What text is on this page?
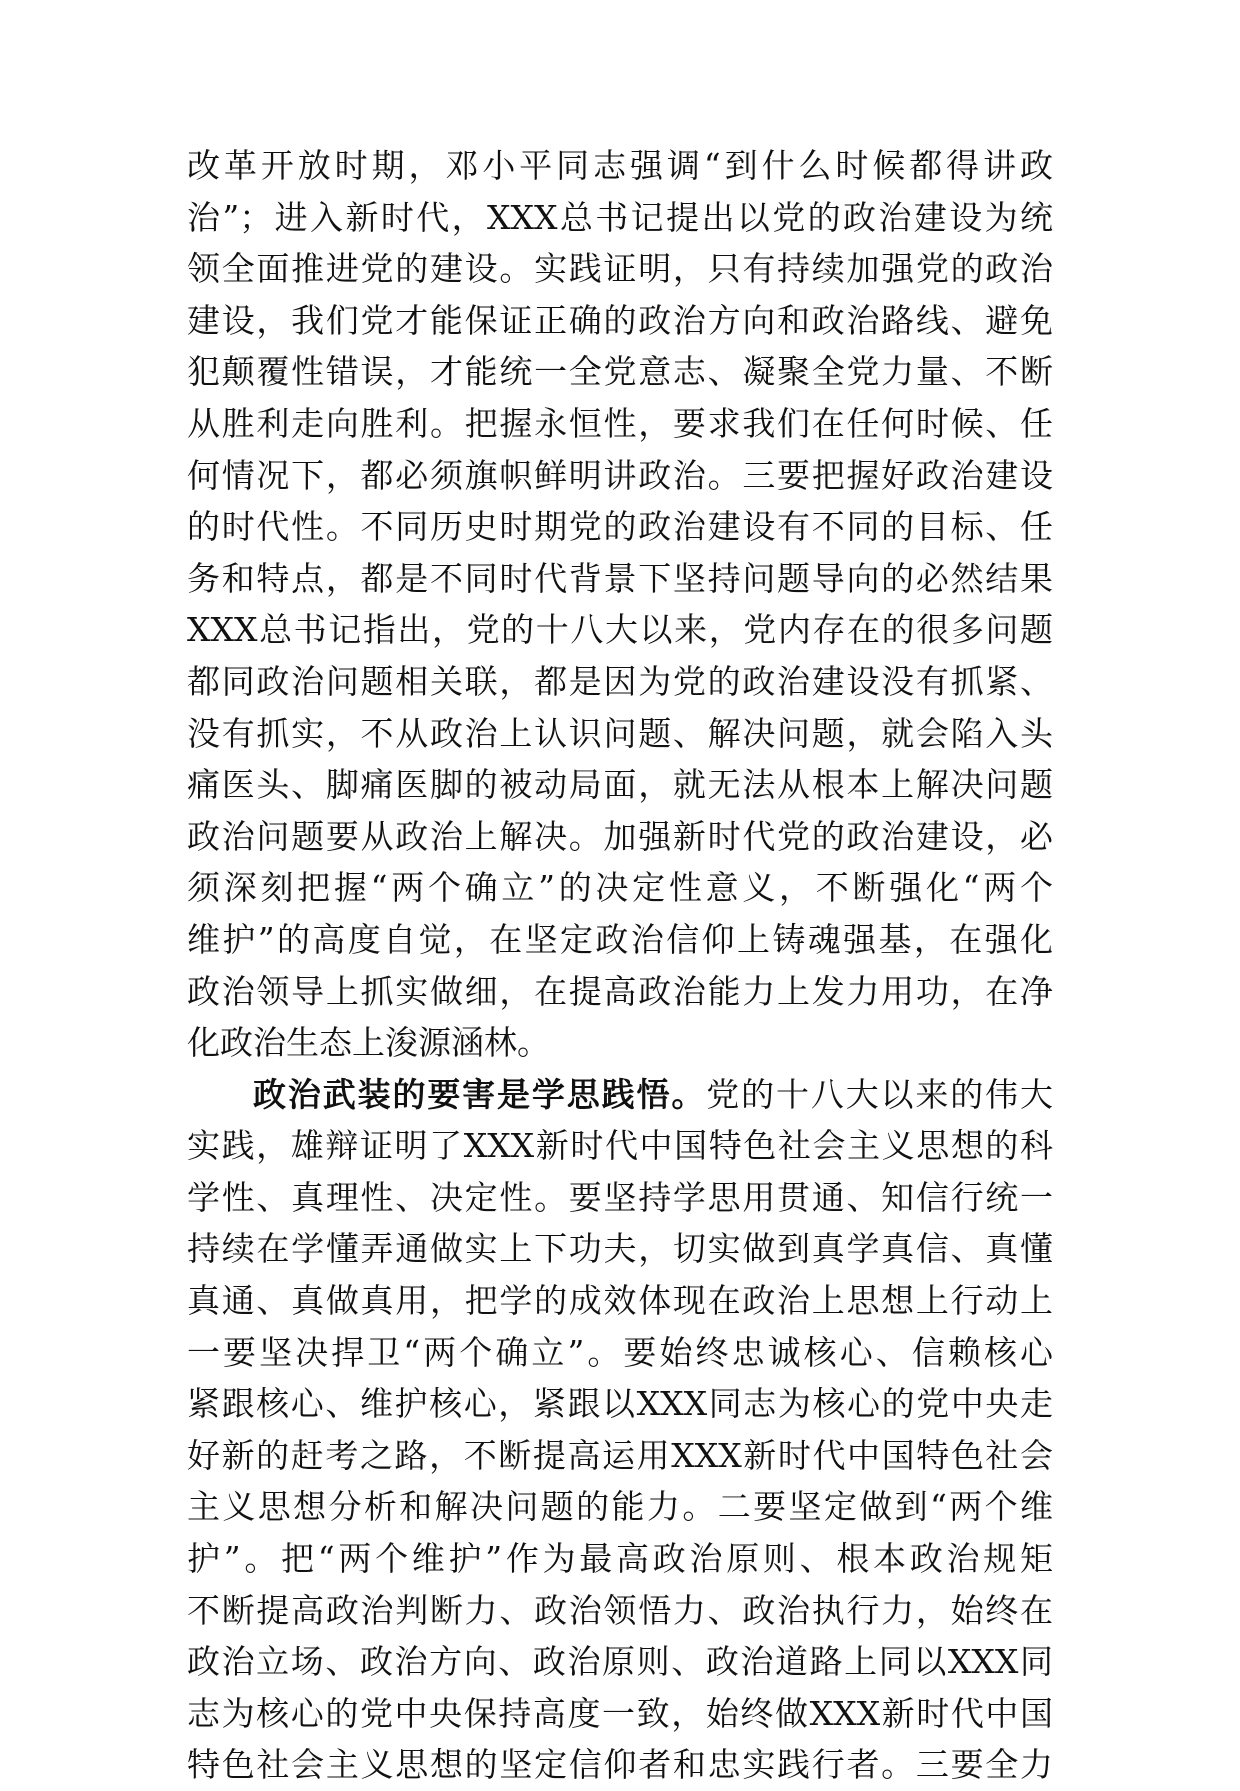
改革开放时期，邓小平同志强调“到什么时候都得讲政
治”；进入新时代，XXX总书记提出以党的政治建设为统
领全面推进党的建设。实践证明，只有持续加强党的政治
建设，我们党才能保证正确的政治方向和政治路线、避免
犯颠覆性错误，才能统一全党意志、凝聚全党力量、不断
从胜利走向胜利。把握永恒性，要求我们在任何时候、任
何情况下，都必须旗帜鲜明讲政治。三要把握好政治建设
的时代性。不同历史时期党的政治建设有不同的目标、任
务和特点，都是不同时代背景下坚持问题导向的必然结果
XXX总书记指出，党的十八大以来，党内存在的很多问题
都同政治问题相关联，都是因为党的政治建设没有抓紧、
没有抓实，不从政治上认识问题、解决问题，就会陷入头
痛医头、脚痛医脚的被动局面，就无法从根本上解决问题
政治问题要从政治上解决。加强新时代党的政治建设，必
须深刻把握“两个确立”的决定性意义，不断强化“两个
维护”的高度自觉，在坚定政治信仰上铸魂强基，在强化
政治领导上抓实做细，在提高政治能力上发力用功，在净
化政治生态上浚源涵林。
政治武装的要害是学思践悟。党的十八大以来的伟大
实践，雄辩证明了XXX新时代中国特色社会主义思想的科
学性、真理性、决定性。要坚持学思用贯通、知信行统一
持续在学懂弄通做实上下功夫，切实做到真学真信、真懂
真通、真做真用，把学的成效体现在政治上思想上行动上
一要坚决捍卫“两个确立”。要始终忠诚核心、信赖核心
紧跟核心、维护核心，紧跟以XXX同志为核心的党中央走
好新的赶考之路，不断提高运用XXX新时代中国特色社会
主义思想分析和解决问题的能力。二要坚定做到“两个维
护”。把“两个维护”作为最高政治原则、根本政治规矩
不断提高政治判断力、政治领悟力、政治执行力，始终在
政治立场、政治方向、政治原则、政治道路上同以XXX同
志为核心的党中央保持高度一致，始终做XXX新时代中国
特色社会主义思想的坚定信仰者和忠实践行者。三要全力
